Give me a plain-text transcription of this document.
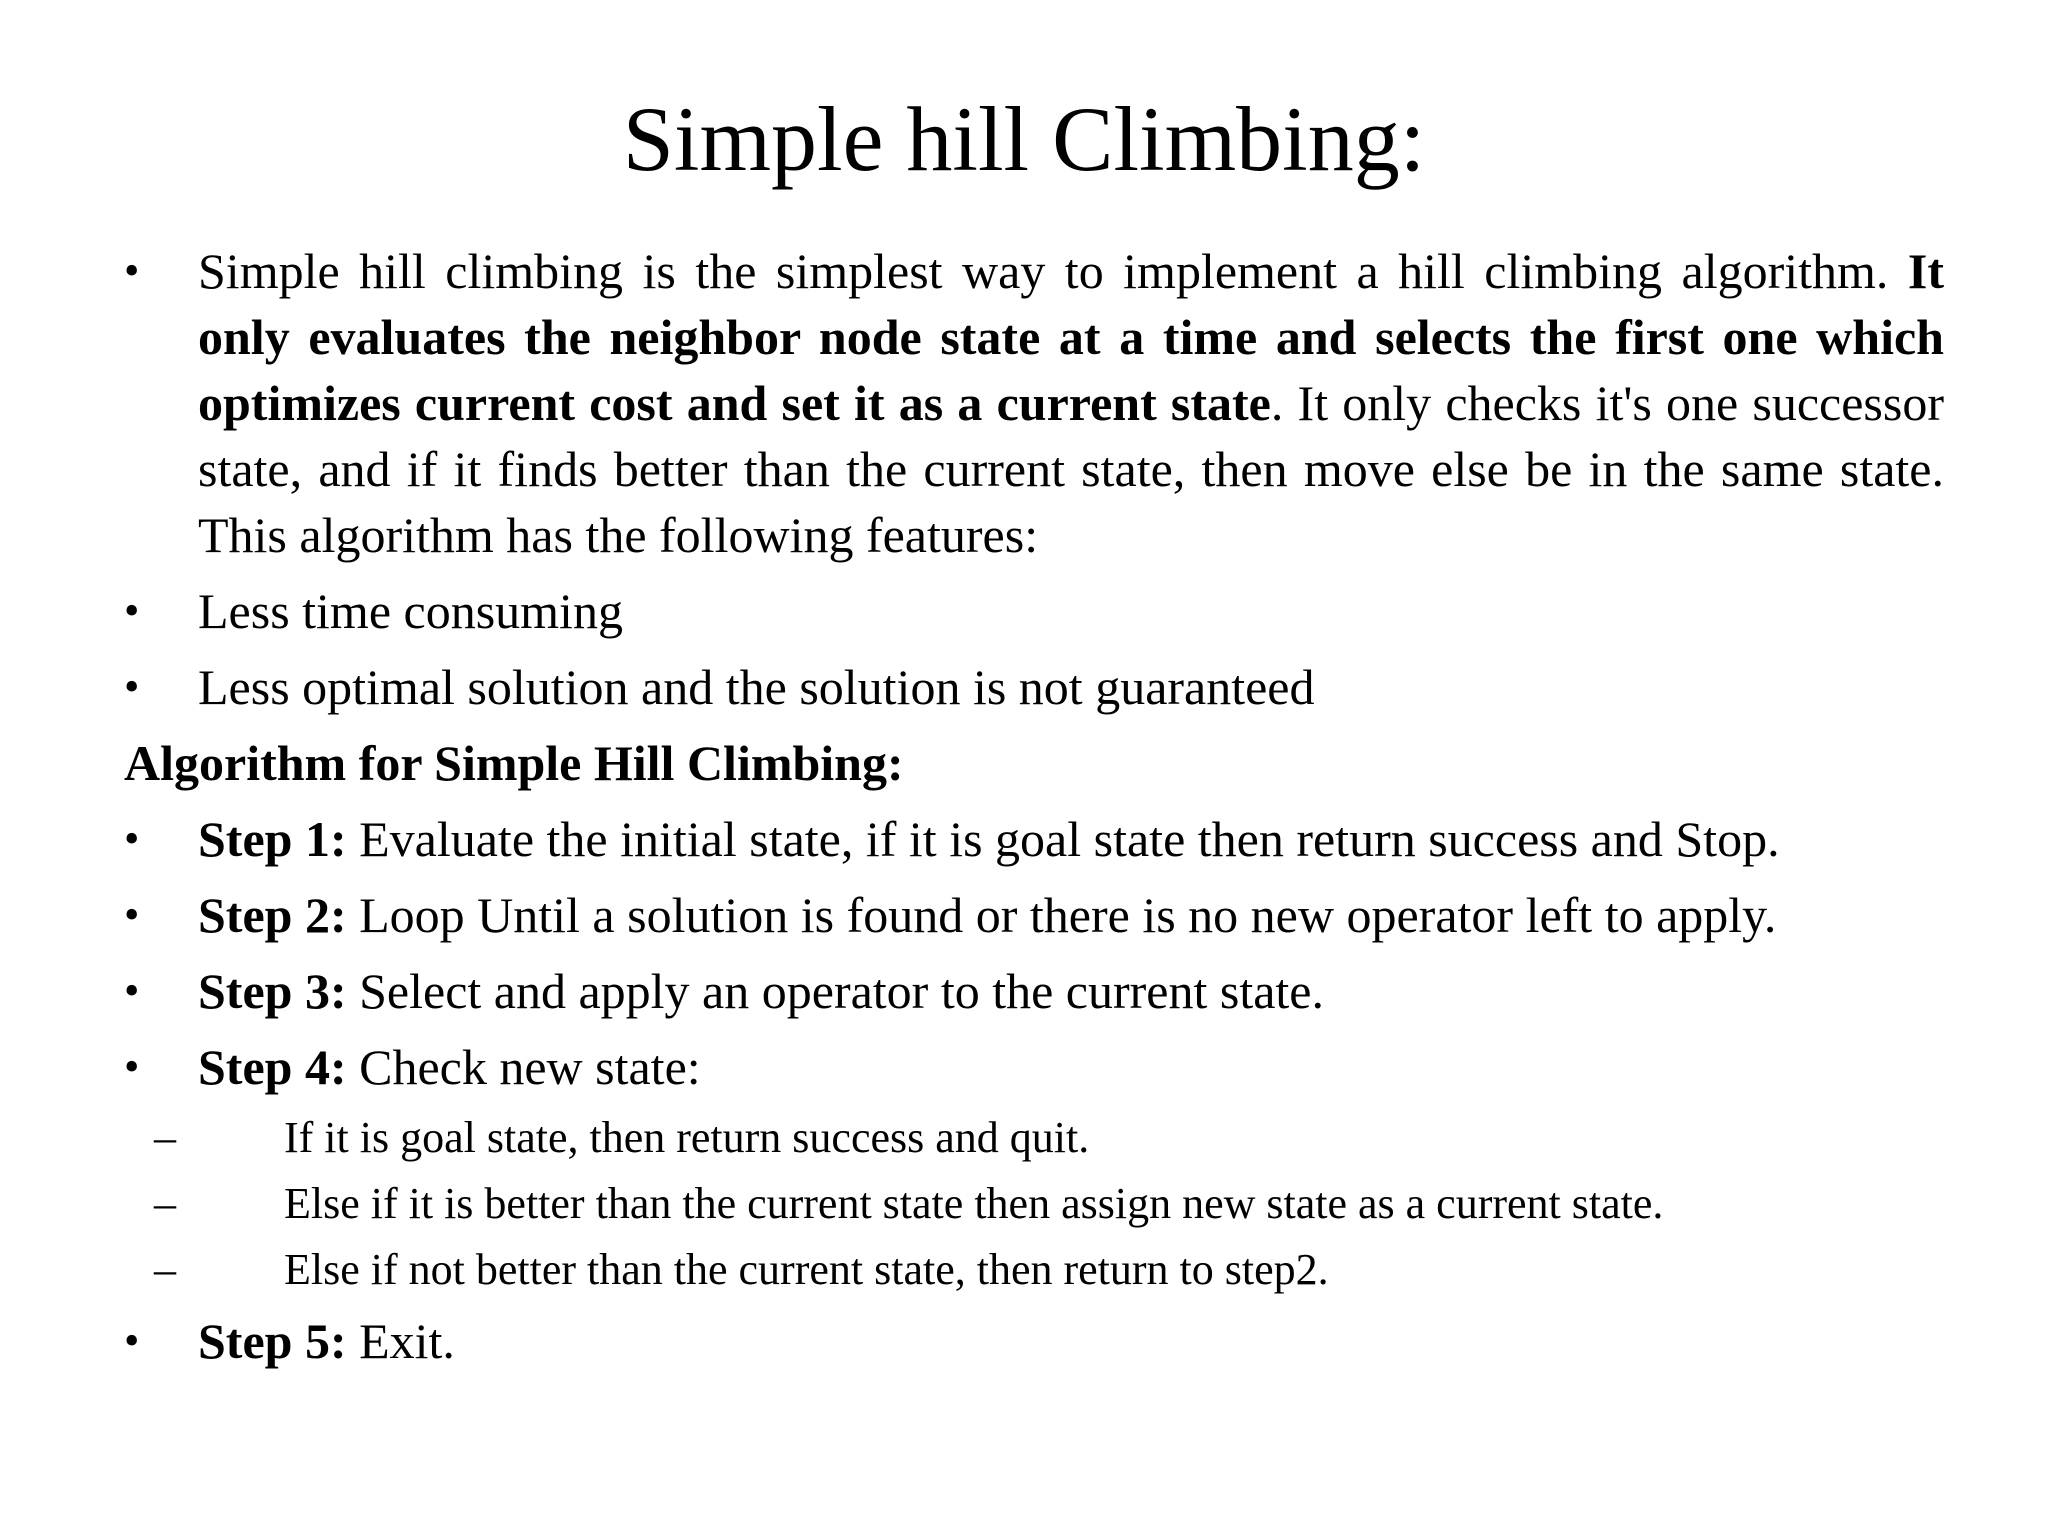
Simple hill Climbing:
• Simple hill climbing is the simplest way to implement a hill climbing algorithm. It only evaluates the neighbor node state at a time and selects the first one which optimizes current cost and set it as a current state. It only checks it's one successor state, and if it finds better than the current state, then move else be in the same state. This algorithm has the following features:
• Less time consuming
• Less optimal solution and the solution is not guaranteed
Algorithm for Simple Hill Climbing:
• Step 1: Evaluate the initial state, if it is goal state then return success and Stop.
• Step 2: Loop Until a solution is found or there is no new operator left to apply.
• Step 3: Select and apply an operator to the current state.
• Step 4: Check new state:
– If it is goal state, then return success and quit.
– Else if it is better than the current state then assign new state as a current state.
– Else if not better than the current state, then return to step2.
• Step 5: Exit.
